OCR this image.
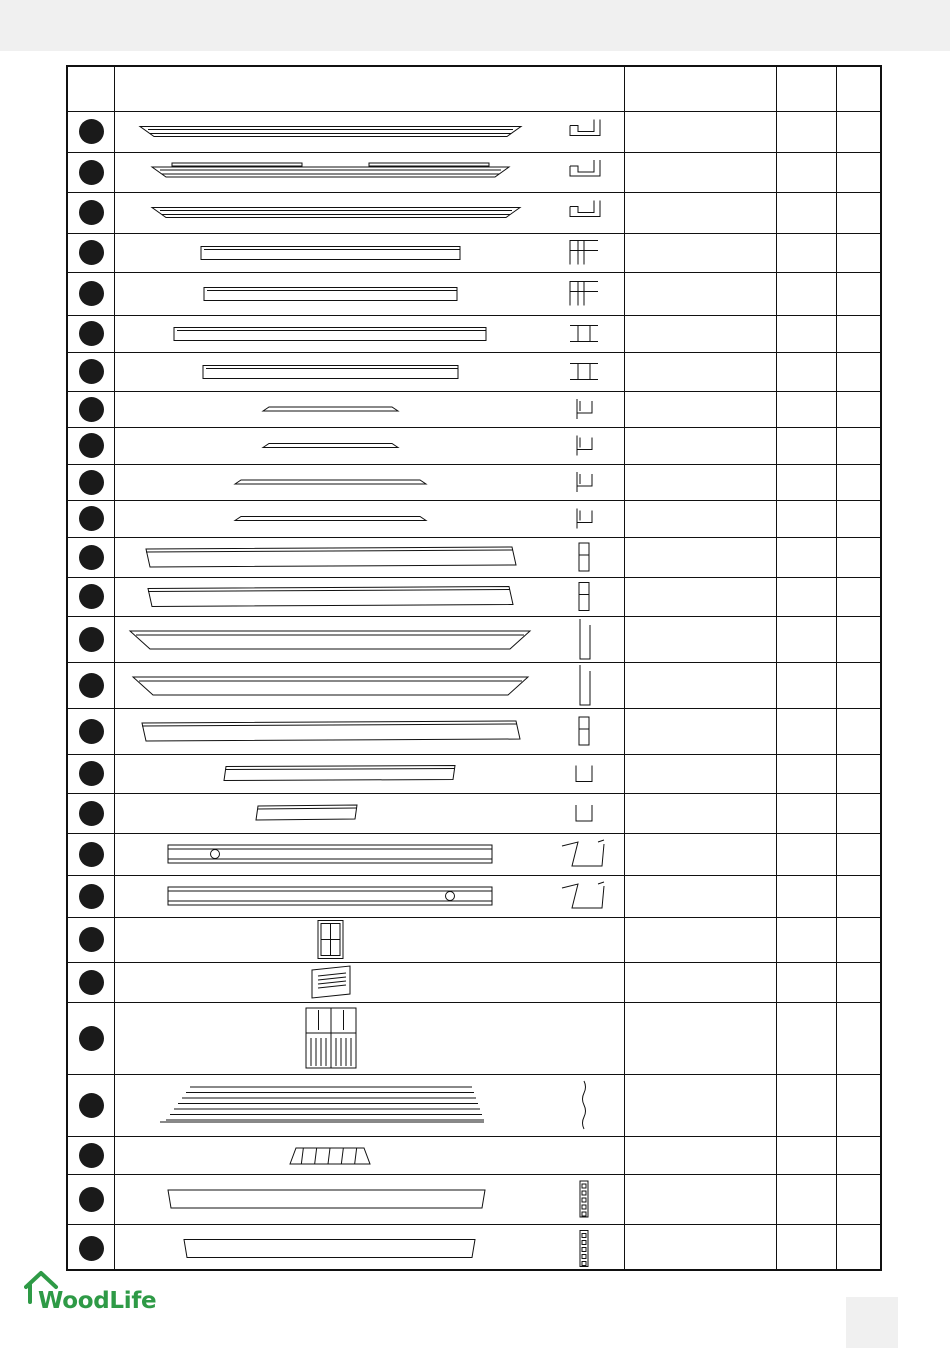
WoodLife
